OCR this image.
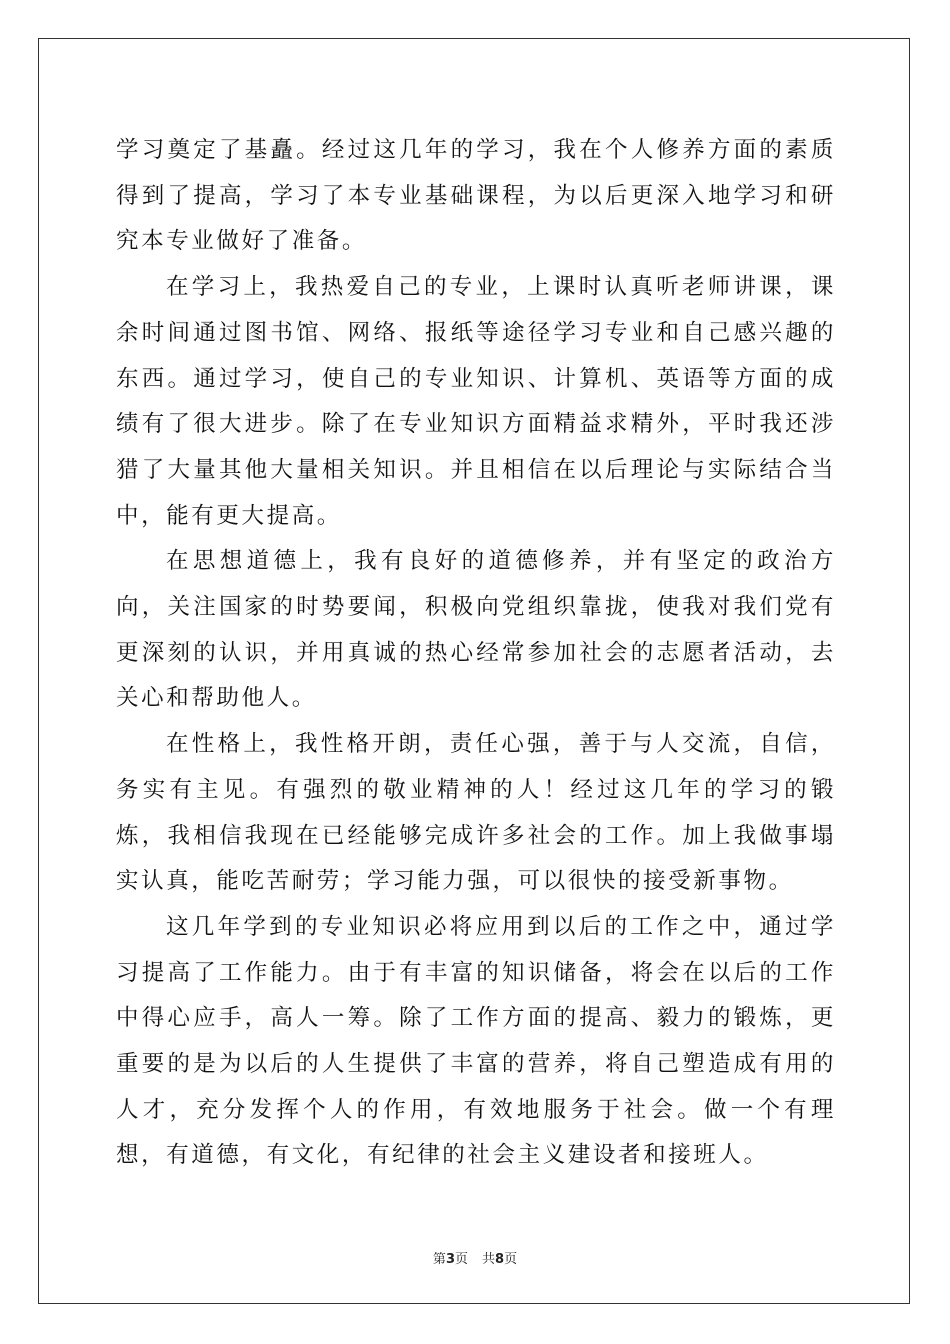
学习奠定了基矗。经过这几年的学习，我在个人修养方面的素质得到了提高，学习了本专业基础课程，为以后更深入地学习和研究本专业做好了准备。

在学习上，我热爱自己的专业，上课时认真听老师讲课，课余时间通过图书馆、网络、报纸等途径学习专业和自己感兴趣的东西。通过学习，使自己的专业知识、计算机、英语等方面的成绩有了很大进步。除了在专业知识方面精益求精外，平时我还涉猎了大量其他大量相关知识。并且相信在以后理论与实际结合当中，能有更大提高。

在思想道德上，我有良好的道德修养，并有坚定的政治方向，关注国家的时势要闻，积极向党组织靠拢，使我对我们党有更深刻的认识，并用真诚的热心经常参加社会的志愿者活动，去关心和帮助他人。

在性格上，我性格开朗，责任心强，善于与人交流，自信，务实有主见。有强烈的敬业精神的人！经过这几年的学习的锻炼，我相信我现在已经能够完成许多社会的工作。加上我做事塌实认真，能吃苦耐劳；学习能力强，可以很快的接受新事物。

这几年学到的专业知识必将应用到以后的工作之中，通过学习提高了工作能力。由于有丰富的知识储备，将会在以后的工作中得心应手，高人一筹。除了工作方面的提高、毅力的锻炼，更重要的是为以后的人生提供了丰富的营养，将自己塑造成有用的人才，充分发挥个人的作用，有效地服务于社会。做一个有理想，有道德，有文化，有纪律的社会主义建设者和接班人。

第3页 共8页
